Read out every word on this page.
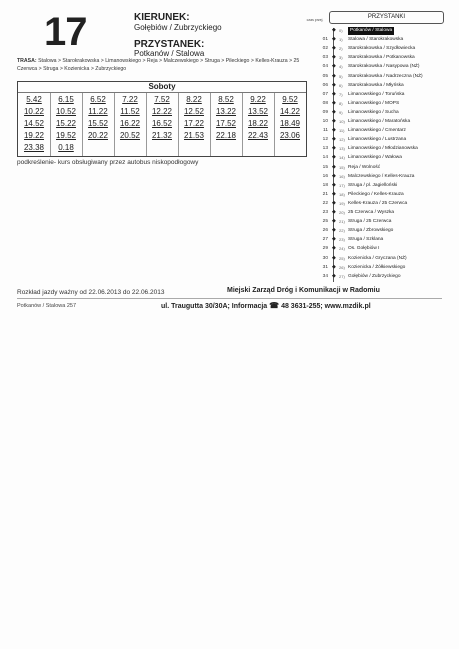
17	KIERUNEK:
Gołębiów / Zubrzyckiego
PRZYSTANEK:
Potkanów / Stalowa
TRASA: Stalowa > Starokrakowska > Limanowskiego > Reja > Malczewskiego > Struga > Pileckiego > Kelles-Krauza > 25 Czerwca > Struga > Kozienicka > Zubrzyckiego
Soboty
5.42	6.15	6.52	7.22	7.52	8.22	8.52	9.22	9.52
10.22	10.52	11.22	11.52	12.22	12.52	13.22	13.52	14.22
14.52	15.22	15.52	16.22	16.52	17.22	17.52	18.22	18.49
19.22	19.52	20.22	20.52	21.32	21.53	22.18	22.43	23.06
23.38	0.18
podkreślenie- kurs obsługiwany przez autobus niskopodłogowy
PRZYSTANKI
czas przej.
◆ 0)	Potkanów / Stalowa
01 ◆ 1)	Stalowa / Starokrakowska
02 ◆ 2)	Starokrakowska / Szydłowiecka
03 ◆ 3)	Starokrakowska / Potkanowska
04 ◆ 4)	Starokrakowska / Nasypowa (NŻ)
05 ◆ 5)	Starokrakowska / Nadrzeczna (NŻ)
06 ◆ 6)	Starokrakowska / Młyńska
07 ◆ 7)	Limanowskiego / Toruńska
08 ◆ 8)	Limanowskiego / MOPS
09 ◆ 9)	Limanowskiego / Sucha
10 ◆ 10) Limanowskiego / Maratońska
11 ◆ 11) Limanowskiego / Cmentarz
12 ◆ 12) Limanowskiego / Lustrzana
13 ◆ 13) Limanowskiego / Młodzianowska
14 ◆ 14) Limanowskiego / Wałowa
15 ◆ 15) Reja / Wolność
16 ◆ 16) Malczewskiego / Kelles-Krauza
18 ◆ 17) Struga / pl. Jagielloński
21 ◆ 18) Pileckiego / Kelles-Krauza
22 ◆ 19) Kelles-Krauza / 25 Czerwca
23 ◆ 20) 25 Czerwca / Wyszka
25 ◆ 21) Struga / 25 Czerwca
26 ◆ 22) Struga / Zbrowskiego
27 ◆ 23) Struga / Szklana
29 ◆ 24) Os. Gołębiów I
30 ◆ 25) Kozienicka / Gryczana (NŻ)
31 ◆ 26) Kozienicka / Żółkiewskiego
34 ◆ 27) Gołębiów / Zubrzyckiego
Rozkład jazdy ważny od 22.06.2013 do 22.06.2013	Miejski Zarząd Dróg i Komunikacji w Radomiu
Potkanów / Stalowa 257	ul. Traugutta 30/30A; Informacja ☎ 48 3631-255; www.mzdik.pl
